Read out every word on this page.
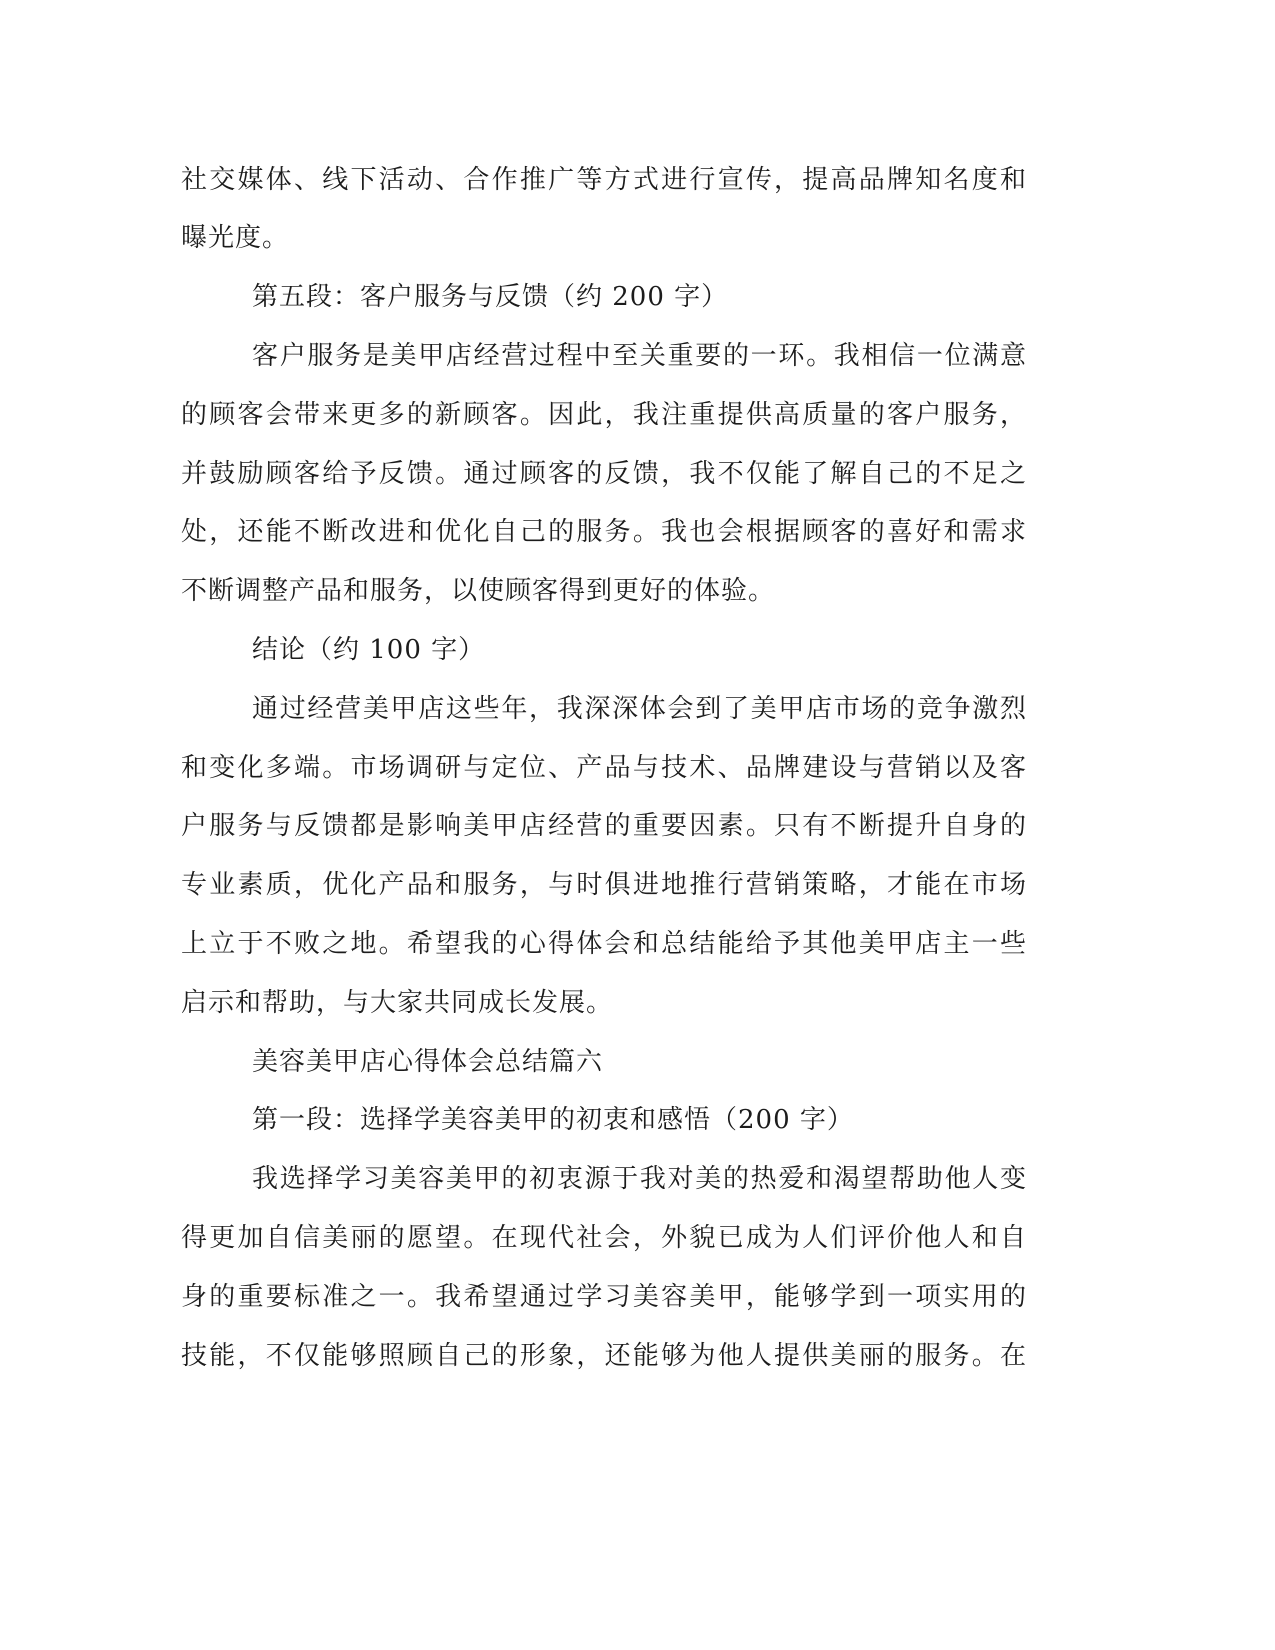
社交媒体、线下活动、合作推广等方式进行宣传，提高品牌知名度和

曝光度。

第五段：客户服务与反馈（约 200 字）

客户服务是美甲店经营过程中至关重要的一环。我相信一位满意

的顾客会带来更多的新顾客。因此，我注重提供高质量的客户服务，

并鼓励顾客给予反馈。通过顾客的反馈，我不仅能了解自己的不足之

处，还能不断改进和优化自己的服务。我也会根据顾客的喜好和需求

不断调整产品和服务，以使顾客得到更好的体验。

结论（约 100 字）

通过经营美甲店这些年，我深深体会到了美甲店市场的竞争激烈

和变化多端。市场调研与定位、产品与技术、品牌建设与营销以及客

户服务与反馈都是影响美甲店经营的重要因素。只有不断提升自身的

专业素质，优化产品和服务，与时俱进地推行营销策略，才能在市场

上立于不败之地。希望我的心得体会和总结能给予其他美甲店主一些

启示和帮助，与大家共同成长发展。

美容美甲店心得体会总结篇六

第一段：选择学美容美甲的初衷和感悟（200 字）

我选择学习美容美甲的初衷源于我对美的热爱和渴望帮助他人变

得更加自信美丽的愿望。在现代社会，外貌已成为人们评价他人和自

身的重要标准之一。我希望通过学习美容美甲，能够学到一项实用的

技能，不仅能够照顾自己的形象，还能够为他人提供美丽的服务。在
